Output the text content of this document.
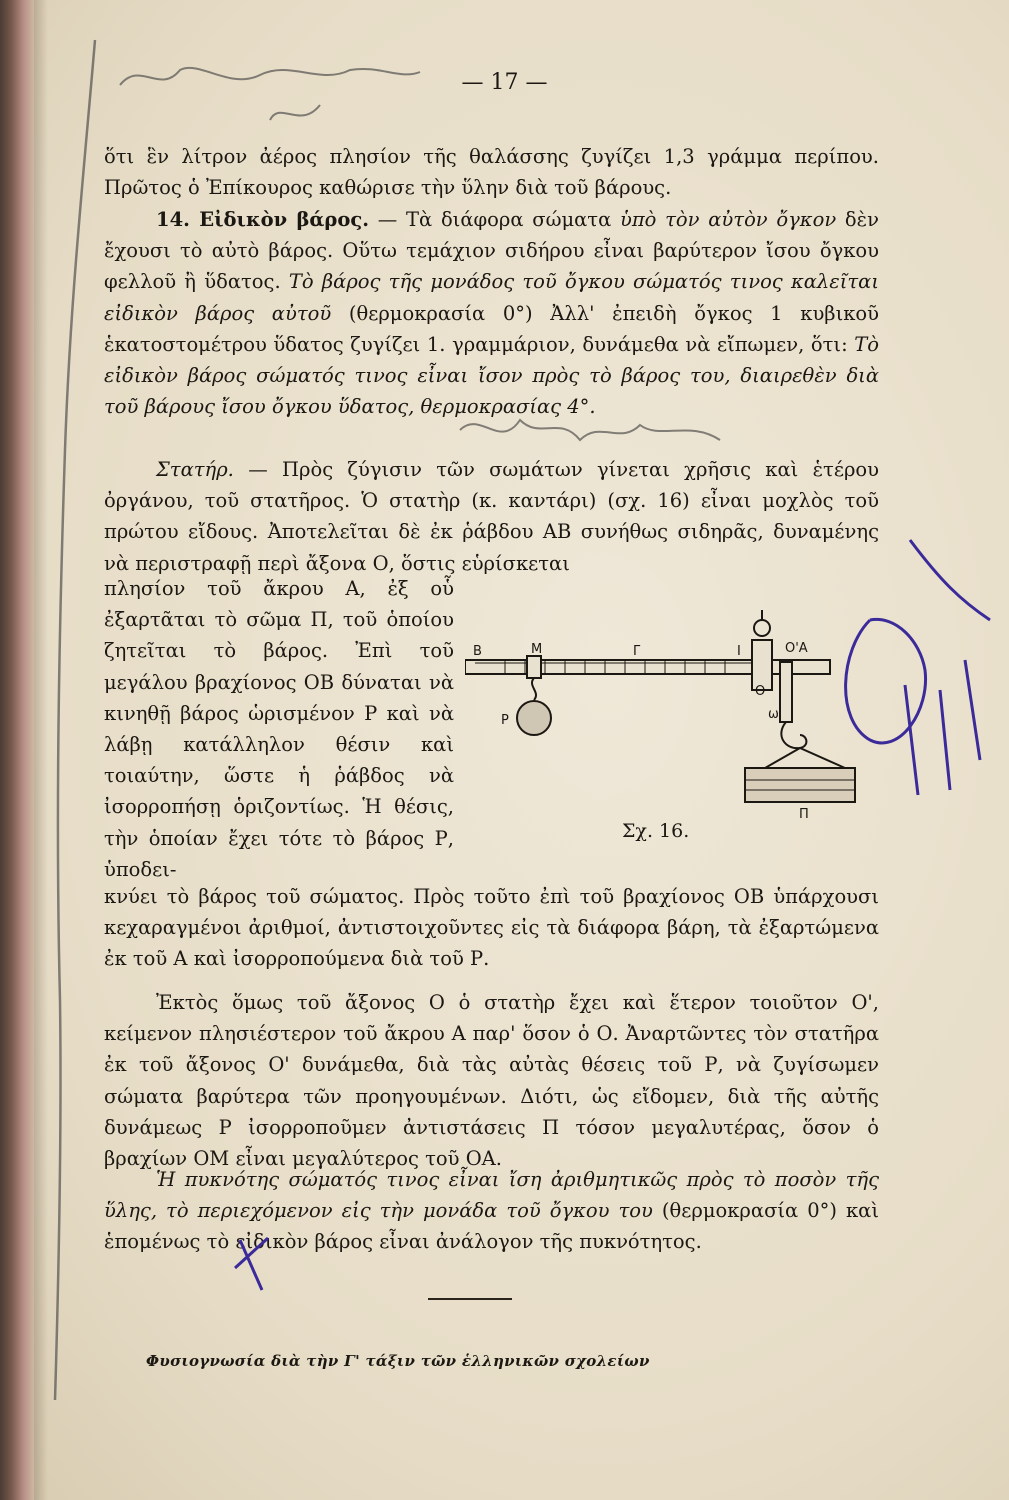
— 17 —

ὅτι ἓν λίτρον ἀέρος πλησίον τῆς θαλάσσης ζυγίζει 1,3 γράμμα περίπου. Πρῶτος ὁ Ἐπίκουρος καθώρισε τὴν ὕλην διὰ τοῦ βάρους.

14. Εἰδικὸν βάρος. — Τὰ διάφορα σώματα ὑπὸ τὸν αὐτὸν ὄγκον δὲν ἔχουσι τὸ αὐτὸ βάρος. Οὕτω τεμάχιον σιδήρου εἶναι βαρύτερον ἴσου ὄγκου φελλοῦ ἢ ὕδατος. Τὸ βάρος τῆς μονάδος τοῦ ὄγκου σώματός τινος καλεῖται εἰδικὸν βάρος αὐτοῦ (θερμοκρασία 0°) Ἀλλ' ἐπειδὴ ὄγκος 1 κυβικοῦ ἑκατοστομέτρου ὕδατος ζυγίζει 1. γραμμάριον, δυνάμεθα νὰ εἴπωμεν, ὅτι: Τὸ εἰδικὸν βάρος σώματός τινος εἶναι ἴσον πρὸς τὸ βάρος του, διαιρεθὲν διὰ τοῦ βάρους ἴσου ὄγκου ὕδατος, θερμοκρασίας 4°.

Στατήρ. — Πρὸς ζύγισιν τῶν σωμάτων γίνεται χρῆσις καὶ ἑτέρου ὀργάνου, τοῦ στατῆρος. Ὁ στατὴρ (κ. καντάρι) (σχ. 16) εἶναι μοχλὸς τοῦ πρώτου εἴδους. Ἀποτελεῖται δὲ ἐκ ῥάβδου ΑΒ συνήθως σιδηρᾶς, δυναμένης νὰ περιστραφῇ περὶ ἄξονα Ο, ὅστις εὑρίσκεται

πλησίον τοῦ ἄκρου Α, ἐξ οὗ ἐξαρτᾶται τὸ σῶμα Π, τοῦ ὁποίου ζητεῖται τὸ βάρος. Ἐπὶ τοῦ μεγάλου βραχίονος ΟΒ δύναται νὰ κινηθῇ βάρος ὡρισμένον Ρ καὶ νὰ λάβῃ κατάλληλον θέσιν καὶ τοιαύτην, ὥστε ἡ ῥάβδος νὰ ἰσορροπήσῃ ὁριζοντίως. Ἡ θέσις, τὴν ὁποίαν ἔχει τότε τὸ βάρος Ρ, ὑποδει-

Β	Μ	Γ	Ι	Ο'Α
Ο
ω
Ρ
Π
Σχ. 16.

κνύει τὸ βάρος τοῦ σώματος. Πρὸς τοῦτο ἐπὶ τοῦ βραχίονος ΟΒ ὑπάρχουσι κεχαραγμένοι ἀριθμοί, ἀντιστοιχοῦντες εἰς τὰ διάφορα βάρη, τὰ ἐξαρτώμενα ἐκ τοῦ Α καὶ ἰσορροπούμενα διὰ τοῦ Ρ.

Ἐκτὸς ὅμως τοῦ ἄξονος Ο ὁ στατὴρ ἔχει καὶ ἕτερον τοιοῦτον Ο', κείμενον πλησιέστερον τοῦ ἄκρου Α παρ' ὅσον ὁ Ο. Ἀναρτῶντες τὸν στατῆρα ἐκ τοῦ ἄξονος Ο' δυνάμεθα, διὰ τὰς αὐτὰς θέσεις τοῦ Ρ, νὰ ζυγίσωμεν σώματα βαρύτερα τῶν προηγουμένων. Διότι, ὡς εἴδομεν, διὰ τῆς αὐτῆς δυνάμεως Ρ ἰσορροποῦμεν ἀντιστάσεις Π τόσον μεγαλυτέρας, ὅσον ὁ βραχίων ΟΜ εἶναι μεγαλύτερος τοῦ ΟΑ.

Ἡ πυκνότης σώματός τινος εἶναι ἴση ἀριθμητικῶς πρὸς τὸ ποσὸν τῆς ὕλης, τὸ περιεχόμενον εἰς τὴν μονάδα τοῦ ὄγκου του (θερμοκρασία 0°) καὶ ἑπομένως τὸ εἰδικὸν βάρος εἶναι ἀνάλογον τῆς πυκνότητος.

Φυσιογνωσία διὰ τὴν Γ' τάξιν τῶν ἑλληνικῶν σχολείων
